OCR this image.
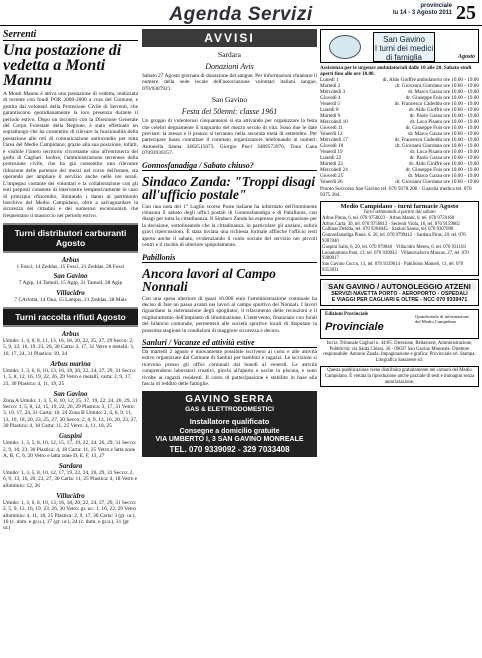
Agenda Servizi	provinciale
lu 14 - 3 Agosto 2011 25
Serrenti
Una postazione di vedetta a Monti Mannu
A Monti Mannu è attiva una postazione di vedetta, realizzata di recente con fondi POR 2000-2006 a cura del Comune, e gestita dai volontari della Protezione Civile di Serrenti, che garantiscono quotidianamente la loro presenza durante il periodo estivo. Dopo un incontro con la Direzione Generale del Corpo Forestale della Regione, è stato effettuato un sopralluogo che ha consentito di rilevare la funzionalità della postazione alle reti di comunicazione antincendio per tutta l'area del Medio Campidano; grazie alla sua posizione, infatti, è visibile l'intero territorio circostante sino all'entroterra del golfo di Cagliari. Inoltre, l'amministrazione terrenese della protezione civile, che ha già consentito una rilevante riduzione delle partenze dei mezzi nel corso dell'estate, sta operando per ampliare il servizio anche nelle ore serali. L'impegno costante dei volontari e la collaborazione con gli enti preposti consente di intervenire tempestivamente in caso di principio d'incendio, limitando i danni al patrimonio boschivo del Medio Campidano, oltre a salvaguardare la sicurezza dei cittadini e dei numerosi escursionisti che frequentano il massiccio nel periodo estivo.
Turni distributori carburanti Agosto
Arbus
1 Fosci, 14 Zeddas, 15 Fosci, 21 Zeddas, 28 Fosci
San Gavino
7 Agip, 14 Tamoil, 15 Agip, 21 Tamoil, 28 Agip
Villacidro
7 CArlotta, 14 Ona, 15 Lampis, 21 Zeddas, 28 Mais
Turni raccolta rifiuti Agosto
Arbus
Umido: 1, 4, 6, 8, 11, 13, 16, 18, 20, 22, 25, 27, 29 Secco: 2, 5, 9, 12, 16, 19, 23, 26, 30 Carta: 3, 17, 31 Vetro e metalli: 3, 10, 17, 24, 31 Plastica: 10, 24
Arbus marina
Umido: 1, 3, 6, 8, 10, 13, 16, 18, 20, 22, 24, 27, 29, 31 Secco: 1, 5, 8, 12, 16, 19, 22, 26, 29 Vetro e metalli, carta: 2, 9, 17, 23, 30 Plastica: 4, 11, 19, 25
San Gavino
Zona A Umido: 1, 3, 5, 8, 10, 12, 15, 17, 19, 22, 24, 26, 29, 31 Secco: 1, 5, 8, 12, 15, 19, 22, 26, 29 Plastica: 3, 17, 31 Vetro: 3, 10, 17, 24, 31 Carta: 10, 24 Zona B Umido: 2, 4, 6, 9, 11, 13, 16, 18, 20, 23, 25, 27, 30 Secco: 2, 6, 9, 13, 16, 20, 23, 27, 30 Plastica: 4, 18 Carta: 11, 25 Vetro: 4, 11, 18, 25
Guspini
Umido: 1, 3, 5, 8, 10, 12, 15, 17, 19, 22, 24, 26, 29, 31 Secco: 2, 9, 16, 23, 30 Plastica: 4, 18 Carta: 11, 25 Vetro e latta zone A, B, C, 6, 20 Vetro e latta zone D, E, F, 13, 27
Sardara
Umido: 1, 3, 5, 8, 10, 12, 17, 19, 22, 24, 26, 29, 31 Secco: 2, 6, 9, 13, 16, 20, 23, 27, 30 Carta: 11, 25 Plastica: 4, 18 Vetro e alluminio: 12, 26
Villacidro
Umido: 1, 3, 6, 8, 10, 13, 16, 18, 20, 22, 24, 27, 29, 31 Secco: 2, 5, 9, 12, 16, 19, 23, 26, 30 Vetro: gr. ur.: 1, 16, 22, 29 Vetro alluminio: 4, 11, 18, 25 Plastica: 2, 9, 17, 30 Carta: 3 (gr. ur.), 10 (c. dom. e gr.u.), 17 (gr. ur.), 24 (c. dom. e gr.u.), 31 (gr. ur.)
AVVISI
Sardara
Donazioni Avis
Sabato 27 Agosto giornata di donazione del sangue. Per informazioni chiamare il numero della sede locale dell'associazione volontari italiani sangue, 070/9387921.
San Gavino
Festa dei 50enni: classe 1961
Un gruppo di volenterosi cinquantenni si sta attivando per organizzare la festa che celebri degnamente il traguardo del mezzo secolo di vita. Sono due le date previste: la messa e il pranzo si terranno nella seconda metà di settembre. Per partecipare basta contattare il comitato organizzatore telefonando ai numeri: Antonella Sanna 3402515673, Giorgio Pisci 3489573976, Tona Cana 07093930157.
Gonnosfanadiga / Sabato chiuso?
Sindaco Zanda: "Troppi disagi all'ufficio postale"
Con una nota del 1° Luglio scorso Poste italiane ha informato dell'imminente chiusura il sabato degli uffici postali di Gonnosfanadiga e di Pabillonis, con disagi per tutta la cittadinanza. Il Sindaco Zanda ha espresso preoccupazione per la decisione, sottolineando che la cittadinanza, in particolare gli anziani, subirà gravi ripercussioni. È stata inviata una richiesta formale affinché l'ufficio resti aperto anche il sabato, evidenziando il ruolo sociale del servizio nei piccoli centri e il rischio di ulteriore spopolamento.
Pabillonis
Ancora lavori al Campo Nonnali
Con una spesa ulteriore di quasi 16.000 euro l'amministrazione comunale ha deciso di fare un passo avanti nei lavori al campo sportivo del Nonnali. I lavori riguardano la sistemazione degli spogliatoi, il rifacimento delle recinzioni e il miglioramento dell'impianto di illuminazione. L'intervento, finanziato con fondi del bilancio comunale, permetterà alle società sportive locali di disputare la prossima stagione in condizioni di maggiore sicurezza e decoro.
Sanluri / Vacanze ed attività estive
Da martedì 2 agosto è nuovamente possibile iscriversi ai corsi e alle attività estive organizzate dal Comune di Sanluri per bambini e ragazzi. Le iscrizioni si ricevono presso gli uffici comunali dal lunedì al venerdì. Le attività comprendono laboratori creativi, giochi all'aperto e uscite in piscina, e sono rivolte ai ragazzi residenti. Il costo di partecipazione è stabilito in base alla fascia di reddito delle famiglie.
GAVINO SERRA
GAS & ELETTRODOMESTICI
Installatore qualificato
Consegne a domicilio gratuite
VIA UMBERTO I, 3 SAN GAVINO MONREALE
TEL. 070 9339092 - 329 7033408
San Gavino
I turni dei medici
di famiglia	Agosto
Assistenza per le urgenze ambulatoriali dalle 10 alle 20. Sabato studi aperti fino alle ore 10.00.
Lunedì 1	dr. Aldo Gioffrè ambulatorio ore 10.00 - 19.00
Martedì 2	dr. Giovanni Giordano ore 10.00 - 19.00
Mercoledì 3	dr. Marco Garau ore 10.00 - 19.00
Giovedì 4	dr. Giuseppe Fois ore 10.00 - 19.00
Venerdì 5	dr. Francesco Cadeddu ore 10.00 - 19.00
Lunedì 8	dr. Aldo Gioffrè ore 10.00 - 19.00
Martedì 9	dr. Paolo Garau ore 10.00 - 19.00
Mercoledì 10	dr. Luca Pisanu ore 10.00 - 19.00
Giovedì 11	dr. Giuseppe Fois ore 10.00 - 19.00
Venerdì 12	dr. Marco Garau ore 10.00 - 19.00
Mercoledì 17	dr. Francesco Cadeddu ore 10.00 - 19.00
Giovedì 18	dr. Giovanni Giordano ore 10.00 - 19.00
Venerdì 19	dr. Luca Pisanu ore 10.00 - 19.00
Lunedì 22	dr. Paolo Garau ore 10.00 - 19.00
Martedì 23	dr. Aldo Gioffrè ore 10.00 - 19.00
Mercoledì 24	dr. Giuseppe Fois ore 10.00 - 19.00
Giovedì 25	dr. Marco Garau ore 10.00 - 19.00
Venerdì 26	dr. Giovanni Giordano ore 10.00 - 19.00
Pronto Soccorso San Gavino tel. 070 9378 200 - Guardia medica tel. 070 9375 384.
Medio Campidano - turni farmacie Agosto
Turni settimanali a partire dal sabato
Arbus Pinna, 6, tel. 070 9758023 · Arbus Manni, 6, tel. 070 9758160
Arbus Carta, 30, tel. 070 9756813 · Serrenti Viola, 16, tel. 070 9159062
Collinas Deidda, tel. 070 9304045 · Sanluri Sanna, tel. 070 9307098
Gonnosfanadiga Pinna, 6, 20, tel. 070 9799412 · Sardara Piras, 20, tel. 070 9387040
Guspini Salis, 6, 20, tel. 070 970046 · Villacidro Mereu, 6, tel. 070 931103
Lunamatrona Pani, 13, tel. 070 939043 · Villanovaforru Muscas, 27, tel. 070 9300017
San Gavino Cuccu, 13, tel. 070 9339014 · Pabillonis Mameli, 13, tel. 070 9353031
SAN GAVINO / AUTONOLEGGIO ATZENI
SERVIZI NAVETTA PORTO - AEROPORTO - OSPEDALI
E VIAGGI PER CAGLIARI E OLTRE - NCC 070 9339471
Edizioni Provinciale
Provinciale
Quindicinale di informazione del Medio Campidano
Iscriz. Tribunale Cagliari n. 44/05. Direzione, Redazione, Amministrazione, Pubblicità: via Santa Chiara, 26 - 09037 San Gavino Monreale. Direttore responsabile: Antonio Zanda. Impaginazione e grafica: Provinciale srl. Stampa: Litografica Sassarese srl.
Questa pubblicazione viene distribuita gratuitamente nei comuni del Medio Campidano. È vietata la riproduzione anche parziale di testi e immagini senza autorizzazione.
